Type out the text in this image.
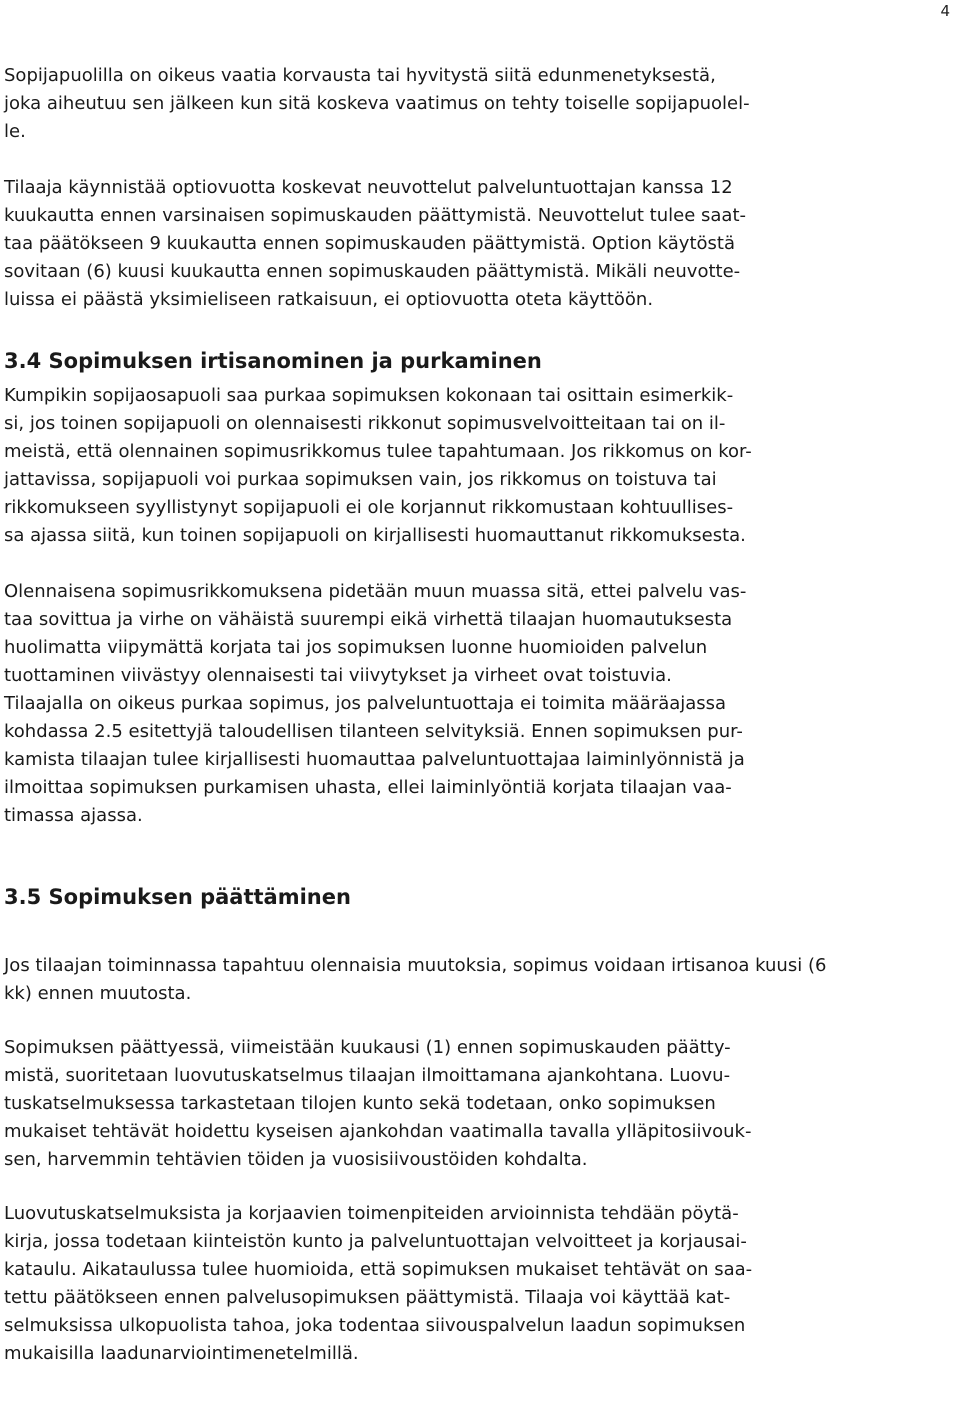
4

Sopijapuolilla on oikeus vaatia korvausta tai hyvitystä siitä edunmenetyksestä,
joka aiheutuu sen jälkeen kun sitä koskeva vaatimus on tehty toiselle sopijapuolel-
le.

Tilaaja käynnistää optiovuotta koskevat neuvottelut palveluntuottajan kanssa 12
kuukautta ennen varsinaisen sopimuskauden päättymistä. Neuvottelut tulee saat-
taa päätökseen 9 kuukautta ennen sopimuskauden päättymistä. Option käytöstä
sovitaan (6) kuusi kuukautta ennen sopimuskauden päättymistä. Mikäli neuvotte-
luissa ei päästä yksimieliseen ratkaisuun, ei optiovuotta oteta käyttöön.

3.4 Sopimuksen irtisanominen ja purkaminen

Kumpikin sopijaosapuoli saa purkaa sopimuksen kokonaan tai osittain esimerkik-
si, jos toinen sopijapuoli on olennaisesti rikkonut sopimusvelvoitteitaan tai on il-
meistä, että olennainen sopimusrikkomus tulee tapahtumaan. Jos rikkomus on kor-
jattavissa, sopijapuoli voi purkaa sopimuksen vain, jos rikkomus on toistuva tai
rikkomukseen syyllistynyt sopijapuoli ei ole korjannut rikkomustaan kohtuullises-
sa ajassa siitä, kun toinen sopijapuoli on kirjallisesti huomauttanut rikkomuksesta.

Olennaisena sopimusrikkomuksena pidetään muun muassa sitä, ettei palvelu vas-
taa sovittua ja virhe on vähäistä suurempi eikä virhettä tilaajan huomautuksesta
huolimatta viipymättä korjata tai jos sopimuksen luonne huomioiden palvelun
tuottaminen viivästyy olennaisesti tai viivytykset ja virheet ovat toistuvia.
Tilaajalla on oikeus purkaa sopimus, jos palveluntuottaja ei toimita määräajassa
kohdassa 2.5 esitettyjä taloudellisen tilanteen selvityksiä. Ennen sopimuksen pur-
kamista tilaajan tulee kirjallisesti huomauttaa palveluntuottajaa laiminlyönnistä ja
ilmoittaa sopimuksen purkamisen uhasta, ellei laiminlyöntiä korjata tilaajan vaa-
timassa ajassa.

3.5 Sopimuksen päättäminen

Jos tilaajan toiminnassa tapahtuu olennaisia muutoksia, sopimus voidaan irtisanoa kuusi (6
kk) ennen muutosta.

Sopimuksen päättyessä, viimeistään kuukausi (1) ennen sopimuskauden päätty-
mistä, suoritetaan luovutuskatselmus tilaajan ilmoittamana ajankohtana. Luovu-
tuskatselmuksessa tarkastetaan tilojen kunto sekä todetaan, onko sopimuksen
mukaiset tehtävät hoidettu kyseisen ajankohdan vaatimalla tavalla ylläpitosiivouk-
sen, harvemmin tehtävien töiden ja vuosisiivoustöiden kohdalta.

Luovutuskatselmuksista ja korjaavien toimenpiteiden arvioinnista tehdään pöytä-
kirja, jossa todetaan kiinteistön kunto ja palveluntuottajan velvoitteet ja korjausai-
kataulu. Aikataulussa tulee huomioida, että sopimuksen mukaiset tehtävät on saa-
tettu päätökseen ennen palvelusopimuksen päättymistä. Tilaaja voi käyttää kat-
selmuksissa ulkopuolista tahoa, joka todentaa siivouspalvelun laadun sopimuksen
mukaisilla laadunarviointimenetelmillä.
